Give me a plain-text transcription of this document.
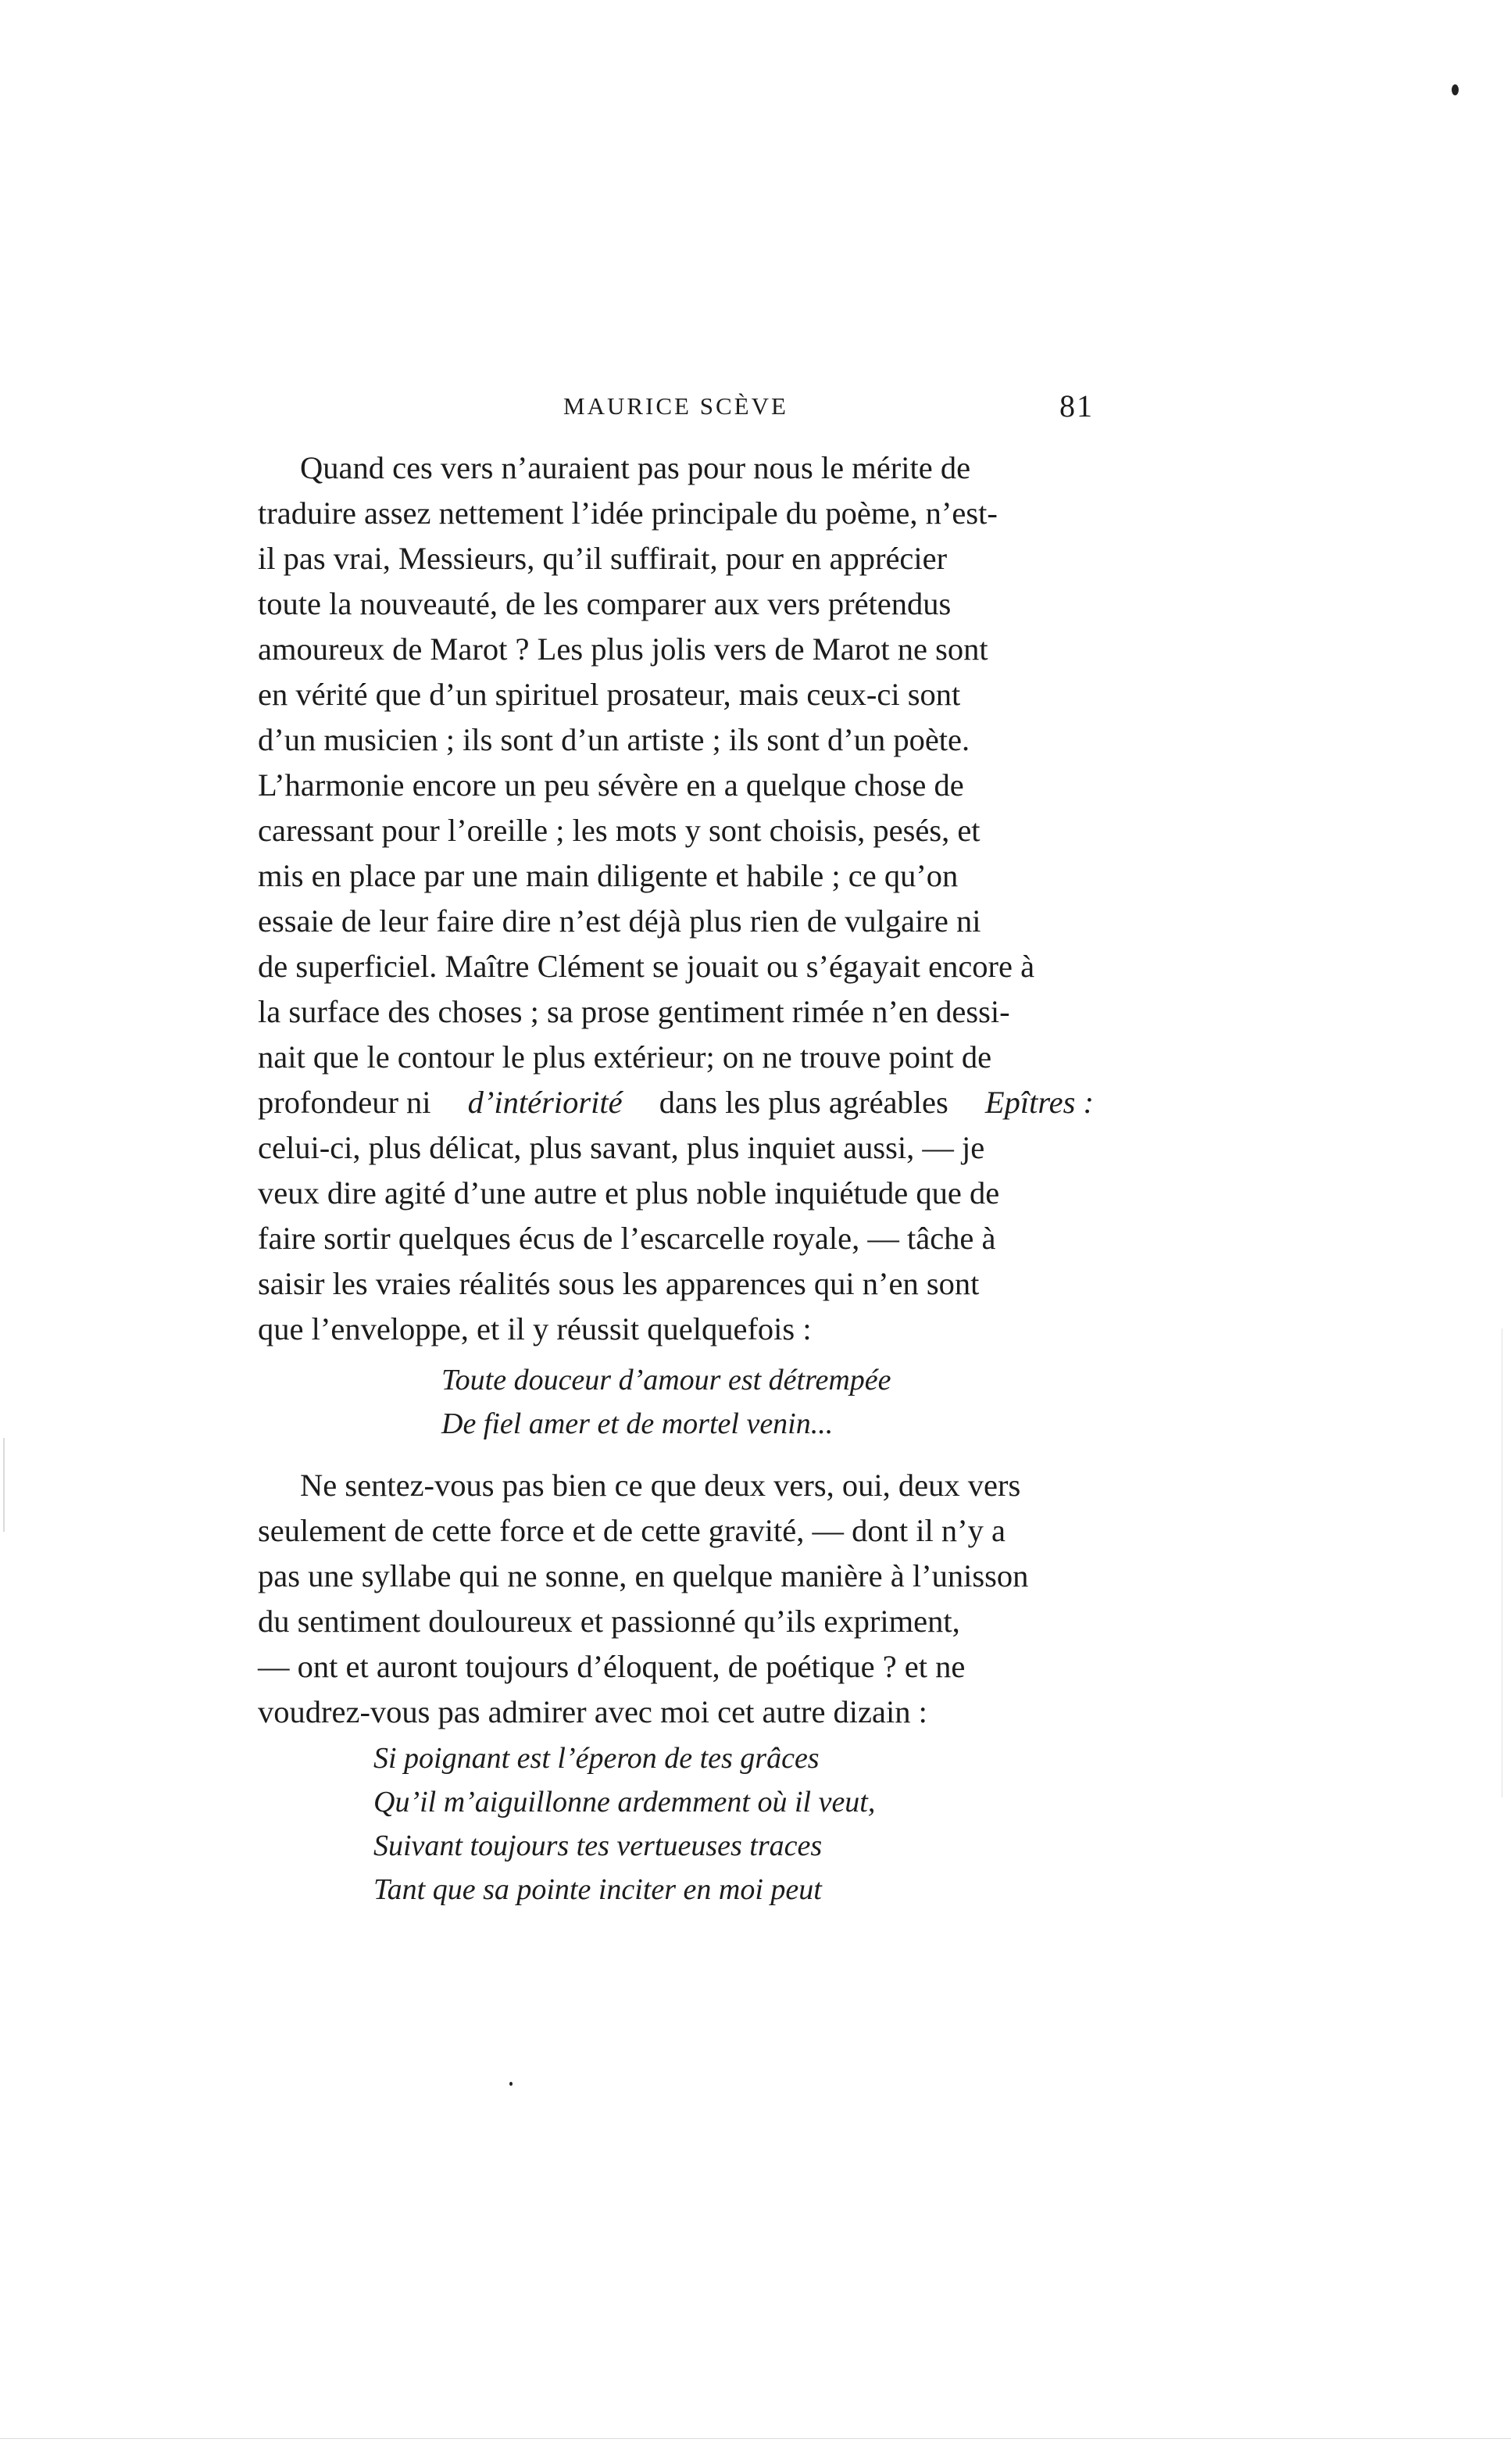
MAURICE SCÈVE	81
Quand ces vers n’auraient pas pour nous le mérite de
traduire assez nettement l’idée principale du poème, n’est-
il pas vrai, Messieurs, qu’il suffirait, pour en apprécier
toute la nouveauté, de les comparer aux vers prétendus
amoureux de Marot ? Les plus jolis vers de Marot ne sont
en vérité que d’un spirituel prosateur, mais ceux-ci sont
d’un musicien ; ils sont d’un artiste ; ils sont d’un poète.
L’harmonie encore un peu sévère en a quelque chose de
caressant pour l’oreille ; les mots y sont choisis, pesés, et
mis en place par une main diligente et habile ; ce qu’on
essaie de leur faire dire n’est déjà plus rien de vulgaire ni
de superficiel. Maître Clément se jouait ou s’égayait encore à
la surface des choses ; sa prose gentiment rimée n’en dessi-
nait que le contour le plus extérieur; on ne trouve point de
profondeur ni d’intériorité dans les plus agréables Epîtres :
celui-ci, plus délicat, plus savant, plus inquiet aussi, — je
veux dire agité d’une autre et plus noble inquiétude que de
faire sortir quelques écus de l’escarcelle royale, — tâche à
saisir les vraies réalités sous les apparences qui n’en sont
que l’enveloppe, et il y réussit quelquefois :
Toute douceur d’amour est détrempée
De fiel amer et de mortel venin...
Ne sentez-vous pas bien ce que deux vers, oui, deux vers
seulement de cette force et de cette gravité, — dont il n’y a
pas une syllabe qui ne sonne, en quelque manière à l’unisson
du sentiment douloureux et passionné qu’ils expriment,
— ont et auront toujours d’éloquent, de poétique ? et ne
voudrez-vous pas admirer avec moi cet autre dizain :
Si poignant est l’éperon de tes grâces
Qu’il m’aiguillonne ardemment où il veut,
Suivant toujours tes vertueuses traces
Tant que sa pointe inciter en moi peut
